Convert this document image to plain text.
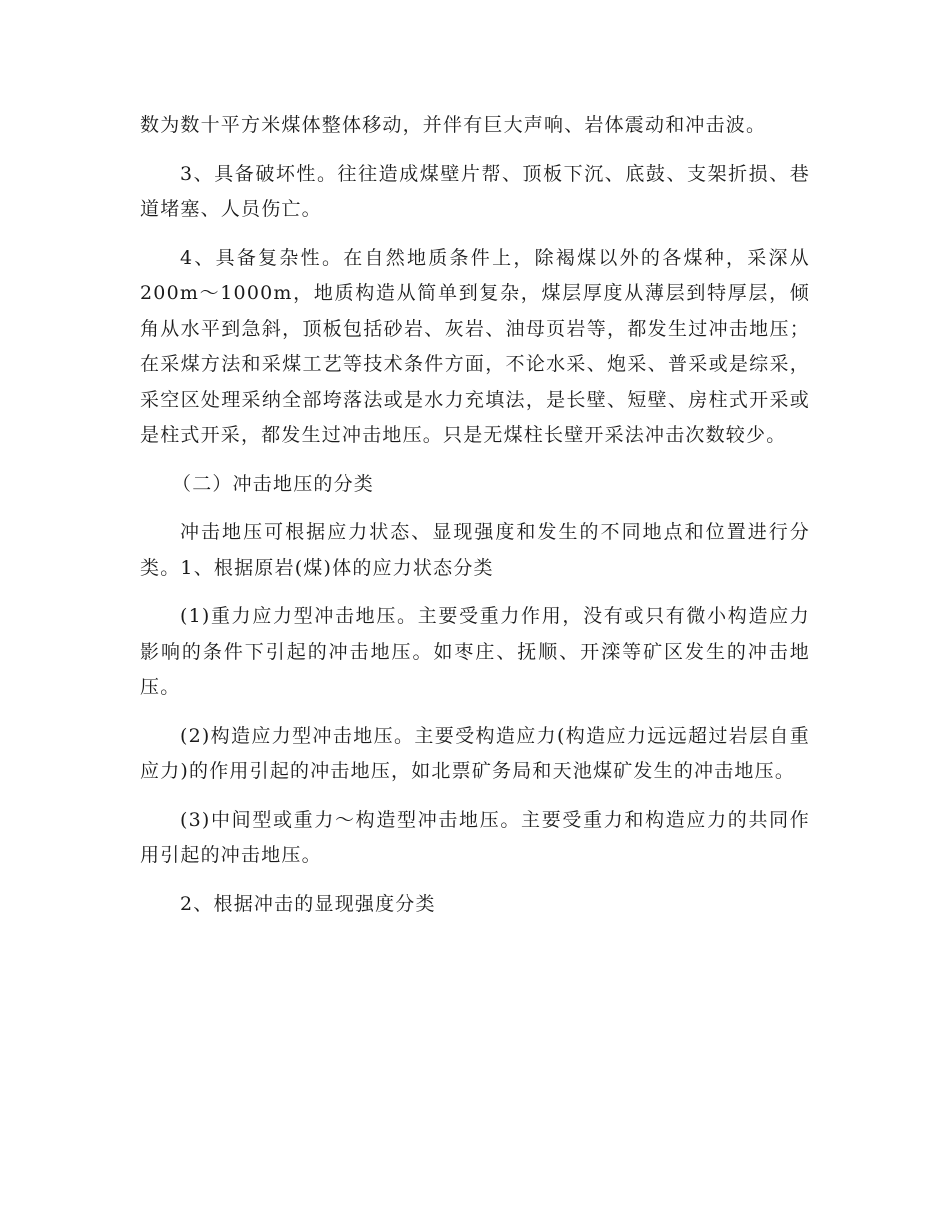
数为数十平方米煤体整体移动，并伴有巨大声响、岩体震动和冲击波。

3、具备破坏性。往往造成煤壁片帮、顶板下沉、底鼓、支架折损、巷道堵塞、人员伤亡。

4、具备复杂性。在自然地质条件上，除褐煤以外的各煤种，采深从200m～1000m，地质构造从简单到复杂，煤层厚度从薄层到特厚层，倾角从水平到急斜，顶板包括砂岩、灰岩、油母页岩等，都发生过冲击地压；在采煤方法和采煤工艺等技术条件方面，不论水采、炮采、普采或是综采，采空区处理采纳全部垮落法或是水力充填法，是长壁、短壁、房柱式开采或是柱式开采，都发生过冲击地压。只是无煤柱长壁开采法冲击次数较少。

（二）冲击地压的分类

冲击地压可根据应力状态、显现强度和发生的不同地点和位置进行分类。1、根据原岩(煤)体的应力状态分类

(1)重力应力型冲击地压。主要受重力作用，没有或只有微小构造应力影响的条件下引起的冲击地压。如枣庄、抚顺、开滦等矿区发生的冲击地压。

(2)构造应力型冲击地压。主要受构造应力(构造应力远远超过岩层自重应力)的作用引起的冲击地压，如北票矿务局和天池煤矿发生的冲击地压。

(3)中间型或重力～构造型冲击地压。主要受重力和构造应力的共同作用引起的冲击地压。

2、根据冲击的显现强度分类
